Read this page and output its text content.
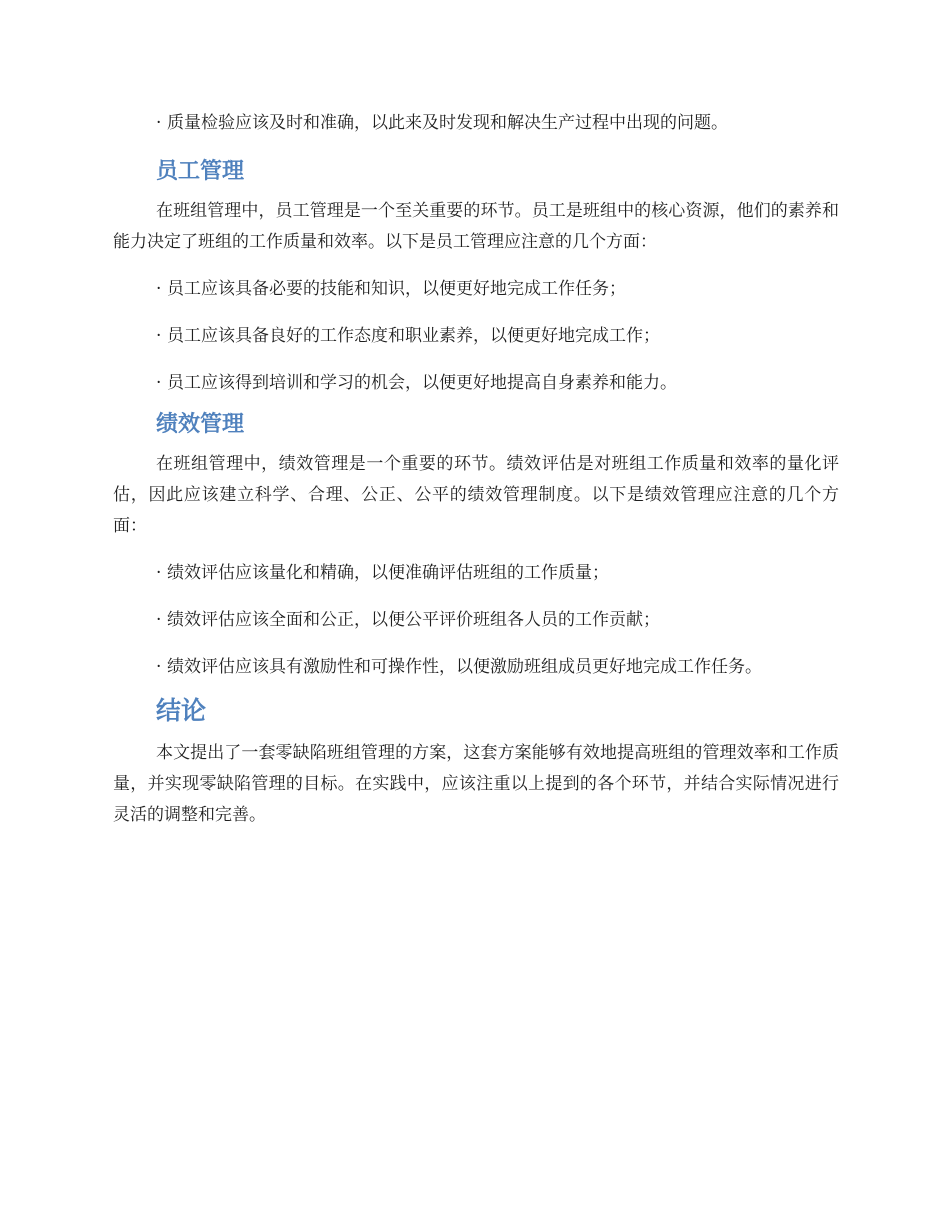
· 质量检验应该及时和准确，以此来及时发现和解决生产过程中出现的问题。
员工管理

在班组管理中，员工管理是一个至关重要的环节。员工是班组中的核心资源，他们的素养和能力决定了班组的工作质量和效率。以下是员工管理应注意的几个方面：

· 员工应该具备必要的技能和知识，以便更好地完成工作任务；
· 员工应该具备良好的工作态度和职业素养，以便更好地完成工作；
· 员工应该得到培训和学习的机会，以便更好地提高自身素养和能力。
绩效管理

在班组管理中，绩效管理是一个重要的环节。绩效评估是对班组工作质量和效率的量化评估，因此应该建立科学、合理、公正、公平的绩效管理制度。以下是绩效管理应注意的几个方面：

· 绩效评估应该量化和精确，以便准确评估班组的工作质量；
· 绩效评估应该全面和公正，以便公平评价班组各人员的工作贡献；
· 绩效评估应该具有激励性和可操作性，以便激励班组成员更好地完成工作任务。
结论

本文提出了一套零缺陷班组管理的方案，这套方案能够有效地提高班组的管理效率和工作质量，并实现零缺陷管理的目标。在实践中，应该注重以上提到的各个环节，并结合实际情况进行灵活的调整和完善。
